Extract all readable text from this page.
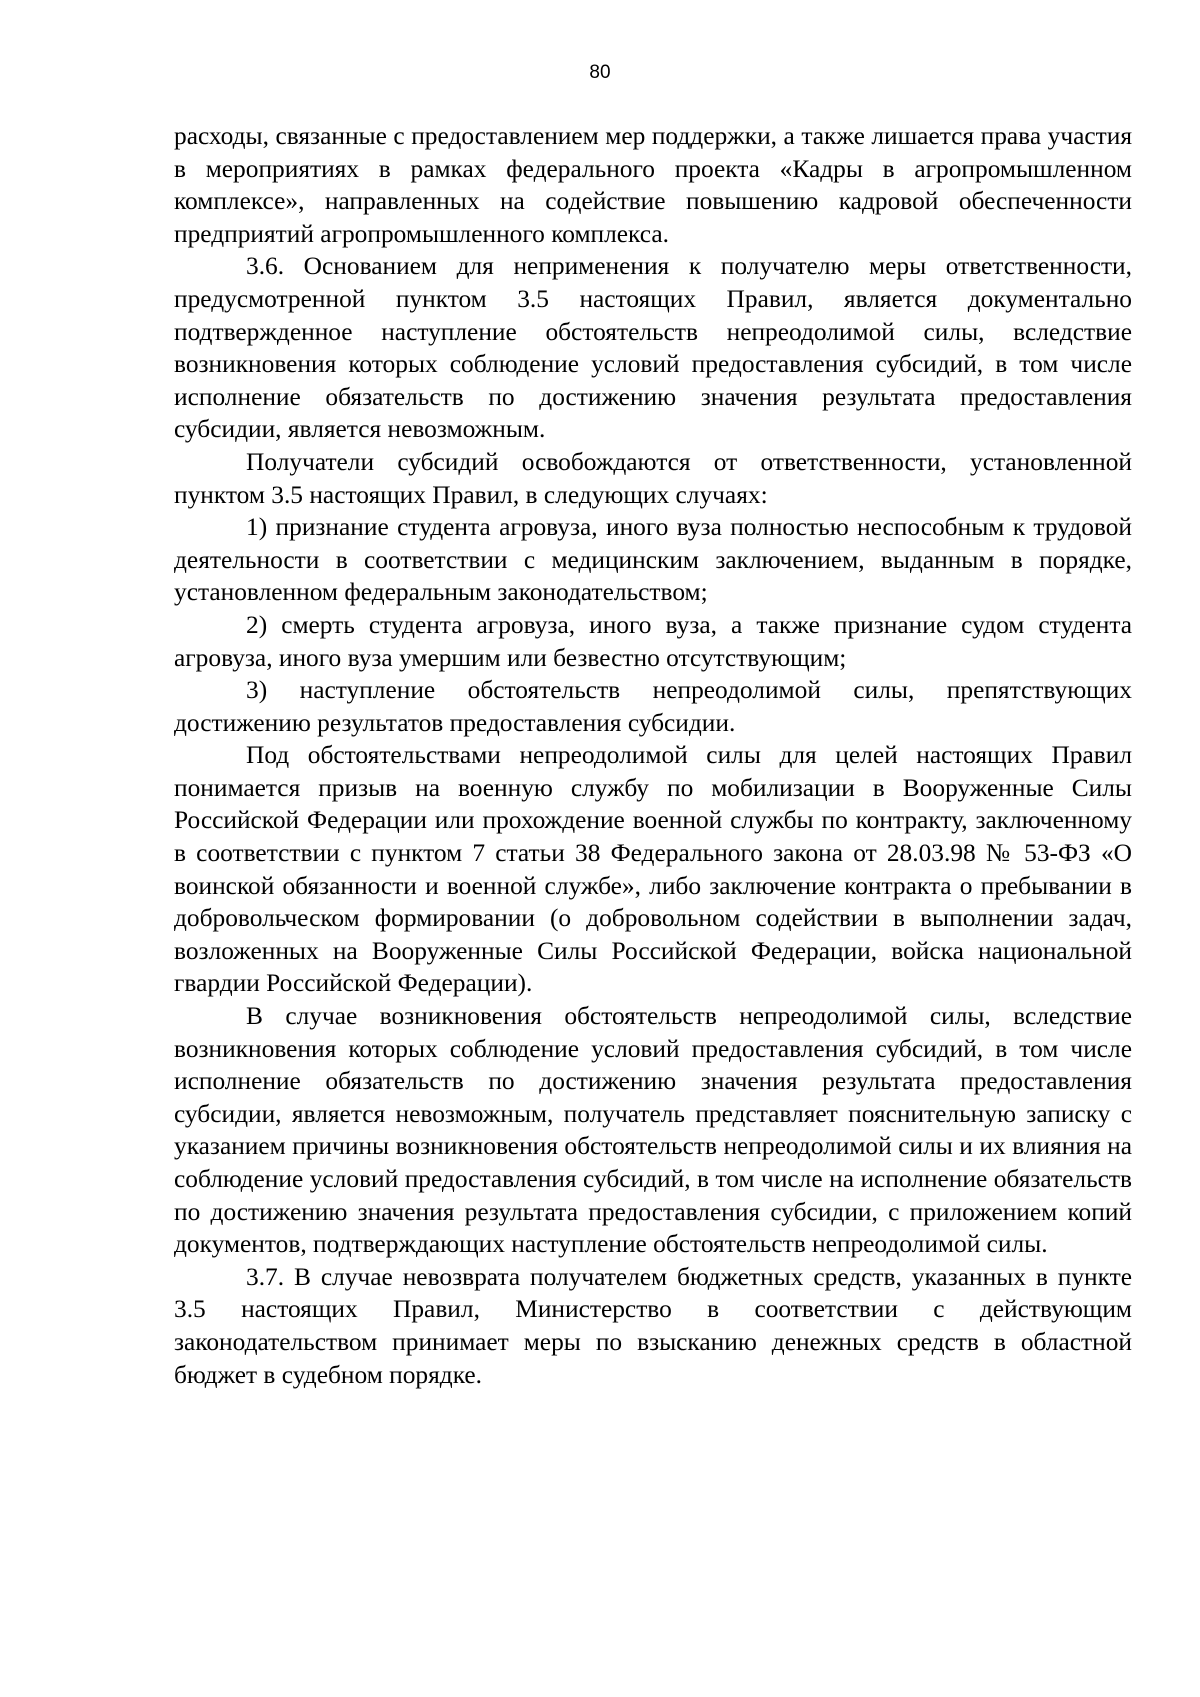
80

расходы, связанные с предоставлением мер поддержки, а также лишается права участия в мероприятиях в рамках федерального проекта «Кадры в агропромышленном комплексе», направленных на содействие повышению кадровой обеспеченности предприятий агропромышленного комплекса.

3.6. Основанием для неприменения к получателю меры ответственности, предусмотренной пунктом 3.5 настоящих Правил, является документально подтвержденное наступление обстоятельств непреодолимой силы, вследствие возникновения которых соблюдение условий предоставления субсидий, в том числе исполнение обязательств по достижению значения результата предоставления субсидии, является невозможным.

Получатели субсидий освобождаются от ответственности, установленной пунктом 3.5 настоящих Правил, в следующих случаях:

1) признание студента агровуза, иного вуза полностью неспособным к трудовой деятельности в соответствии с медицинским заключением, выданным в порядке, установленном федеральным законодательством;

2) смерть студента агровуза, иного вуза, а также признание судом студента агровуза, иного вуза умершим или безвестно отсутствующим;

3) наступление обстоятельств непреодолимой силы, препятствующих достижению результатов предоставления субсидии.

Под обстоятельствами непреодолимой силы для целей настоящих Правил понимается призыв на военную службу по мобилизации в Вооруженные Силы Российской Федерации или прохождение военной службы по контракту, заключенному в соответствии с пунктом 7 статьи 38 Федерального закона от 28.03.98 № 53-ФЗ «О воинской обязанности и военной службе», либо заключение контракта о пребывании в добровольческом формировании (о добровольном содействии в выполнении задач, возложенных на Вооруженные Силы Российской Федерации, войска национальной гвардии Российской Федерации).

В случае возникновения обстоятельств непреодолимой силы, вследствие возникновения которых соблюдение условий предоставления субсидий, в том числе исполнение обязательств по достижению значения результата предоставления субсидии, является невозможным, получатель представляет пояснительную записку с указанием причины возникновения обстоятельств непреодолимой силы и их влияния на соблюдение условий предоставления субсидий, в том числе на исполнение обязательств по достижению значения результата предоставления субсидии, с приложением копий документов, подтверждающих наступление обстоятельств непреодолимой силы.

3.7. В случае невозврата получателем бюджетных средств, указанных в пункте 3.5 настоящих Правил, Министерство в соответствии с действующим законодательством принимает меры по взысканию денежных средств в областной бюджет в судебном порядке.
